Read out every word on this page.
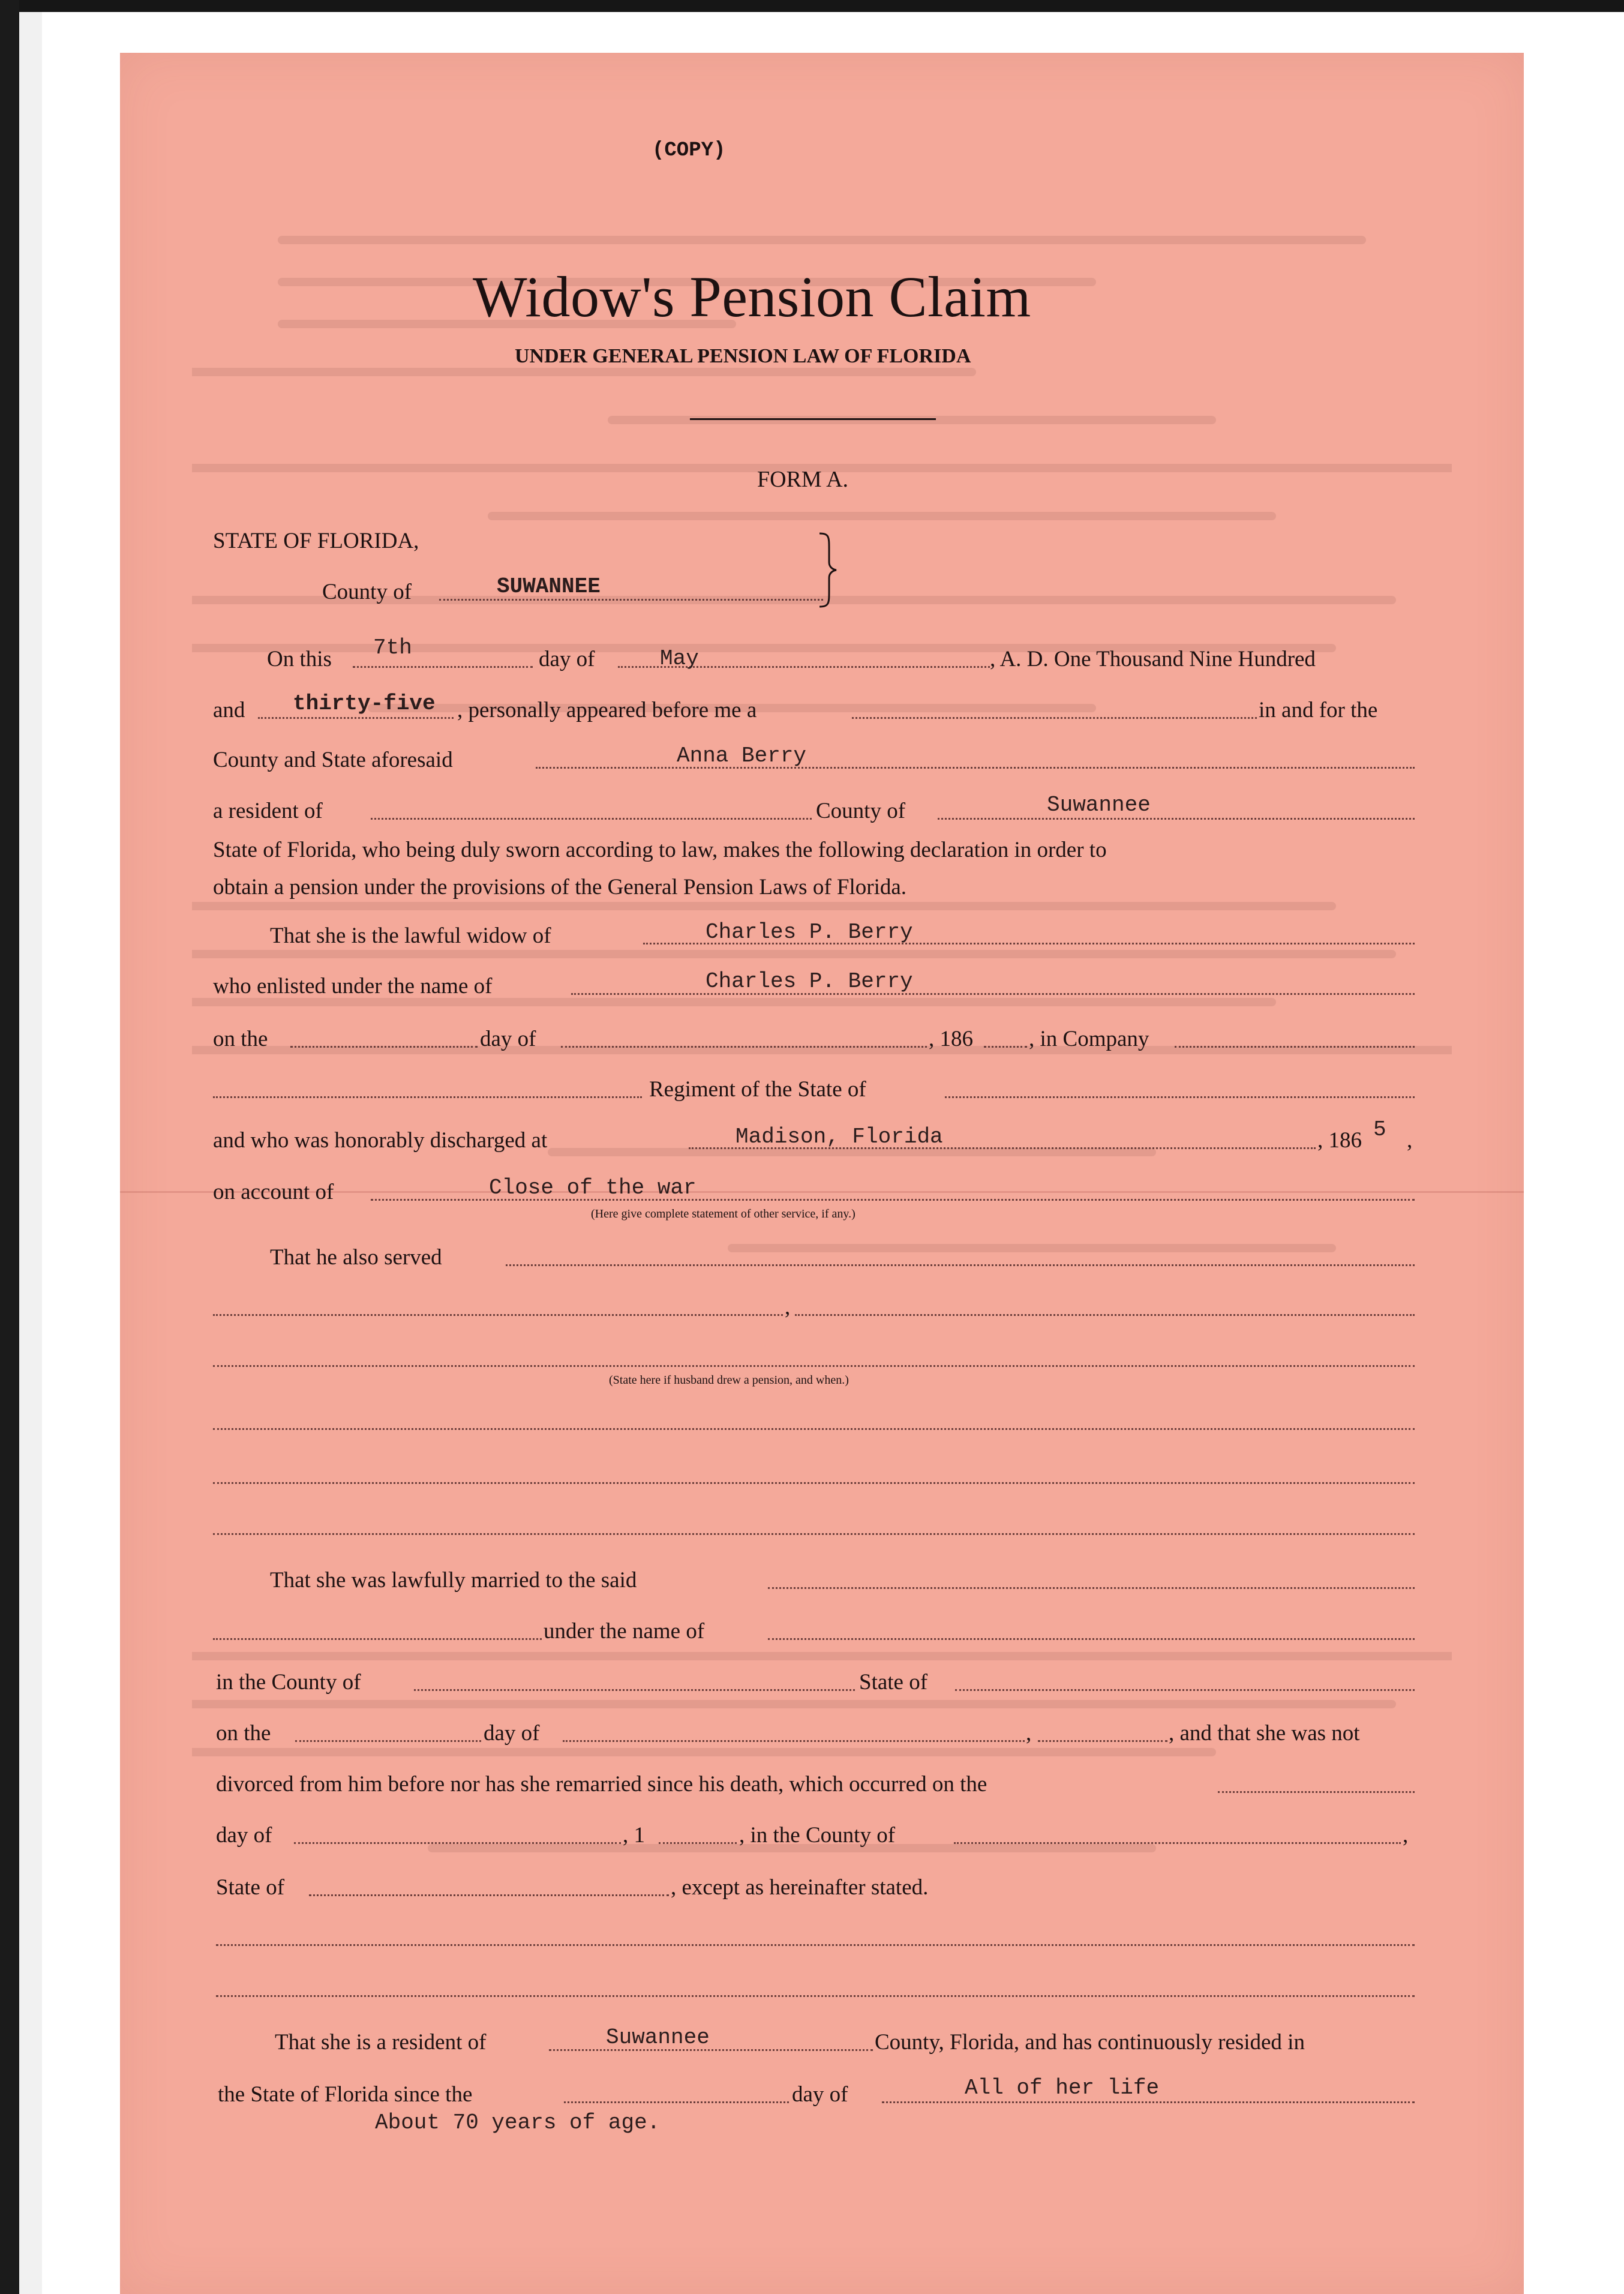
(COPY)
Widow's Pension Claim
UNDER GENERAL PENSION LAW OF FLORIDA
FORM A.
STATE OF FLORIDA,
County of	SUWANNEE
On this 7th	day of	May	, A. D. One Thousand Nine Hundred
and thirty-five , personally appeared before me a	in and for the
County and State aforesaid	Anna Berry
a resident of	County of	Suwannee
State of Florida, who being duly sworn according to law, makes the following declaration in order to
obtain a pension under the provisions of the General Pension Laws of Florida.
That she is the lawful widow of	Charles P. Berry
who enlisted under the name of	Charles P. Berry
on the	day of	, 186	, in Company
Regiment of the State of
and who was honorably discharged at	Madison, Florida	, 186 5 ,
on account of	Close of the war
(Here give complete statement of other service, if any.)
That he also served
,
(State here if husband drew a pension, and when.)
That she was lawfully married to the said
under the name of
in the County of	State of
on the	day of	,	, and that she was not
divorced from him before nor has she remarried since his death, which occurred on the
day of	, 1	, in the County of	,
State of	, except as hereinafter stated.
That she is a resident of	Suwannee	County, Florida, and has continuously resided in
the State of Florida since the	day of	All of her life
About 70 years of age.
